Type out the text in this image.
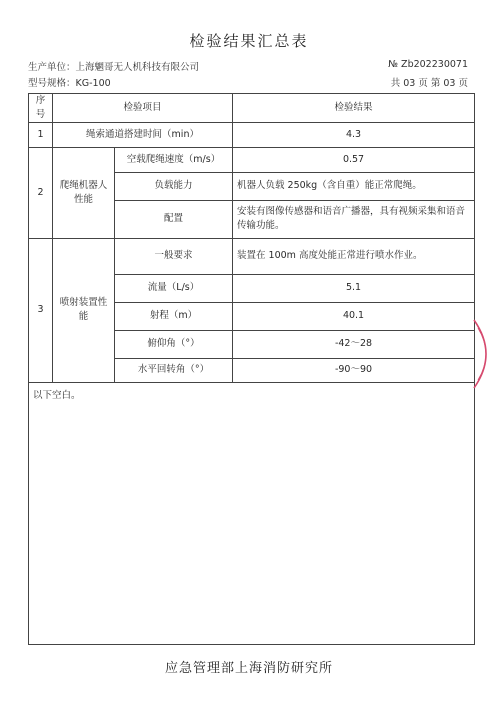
检验结果汇总表
生产单位：上海魍哥无人机科技有限公司	№ Zb202230071
型号规格：KG-100	共 03 页 第 03 页
序号	检验项目		检验结果
1	绳索通道搭建时间（min）		4.3
2	爬绳机器人性能	空载爬绳速度（m/s）	0.57
		负载能力	机器人负载 250kg（含自重）能正常爬绳。
		配置	安装有图像传感器和语音广播器，具有视频采集和语音传输功能。
3	喷射装置性能	一般要求	装置在 100m 高度处能正常进行喷水作业。
		流量（L/s）	5.1
		射程（m）	40.1
		俯仰角（°）	-42～28
		水平回转角（°）	-90～90
以下空白。			
应急管理部上海消防研究所
